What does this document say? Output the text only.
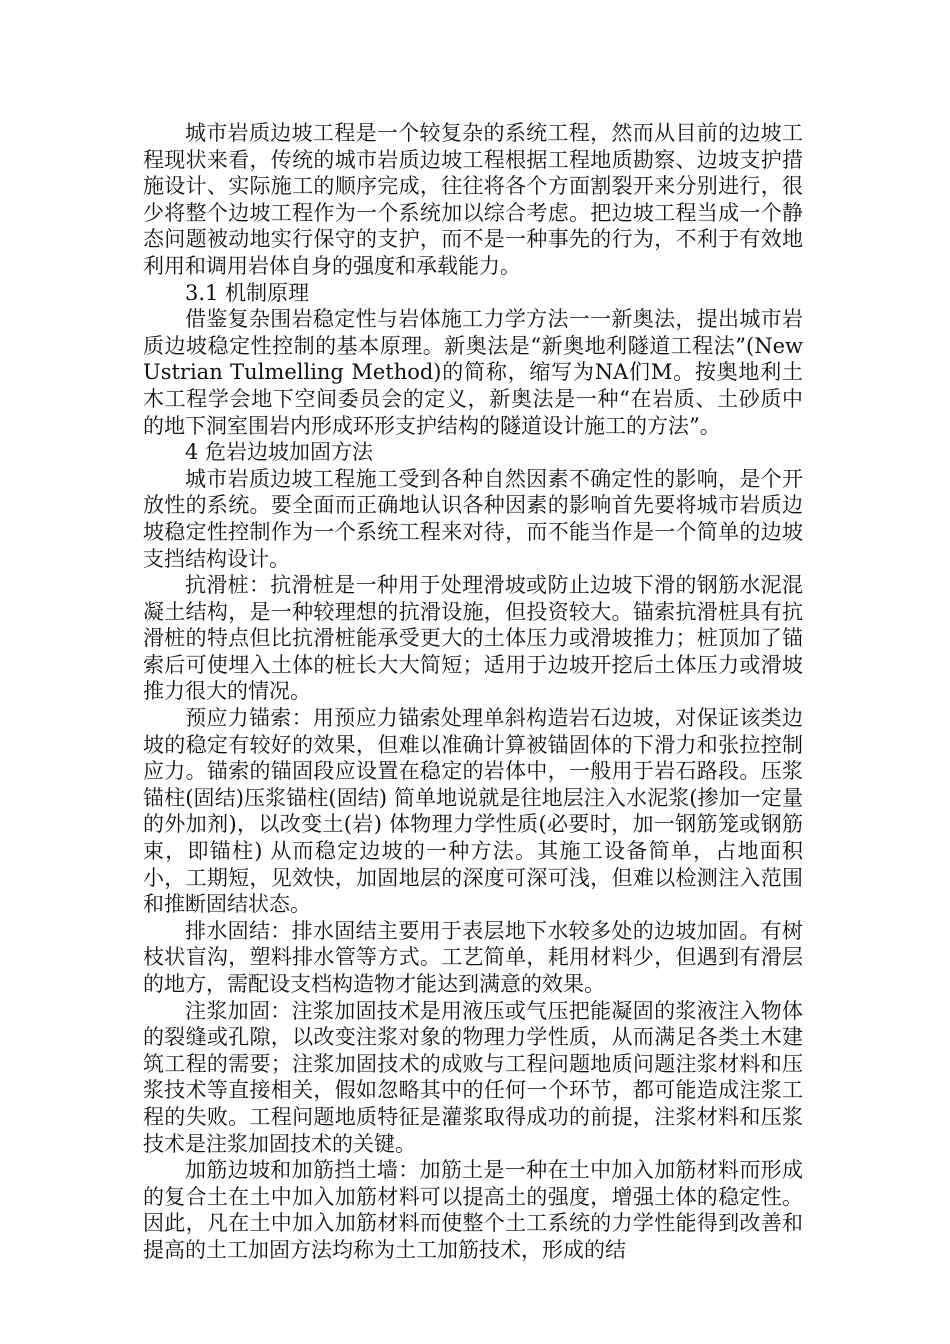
城市岩质边坡工程是一个较复杂的系统工程，然而从目前的边坡工程现状来看，传统的城市岩质边坡工程根据工程地质勘察、边坡支护措施设计、实际施工的顺序完成，往往将各个方面割裂开来分别进行，很少将整个边坡工程作为一个系统加以综合考虑。把边坡工程当成一个静态问题被动地实行保守的支护，而不是一种事先的行为，不利于有效地利用和调用岩体自身的强度和承载能力。

3.1 机制原理

借鉴复杂围岩稳定性与岩体施工力学方法一一新奥法，提出城市岩质边坡稳定性控制的基本原理。新奥法是“新奥地利隧道工程法”(New Ustrian Tulmelling Method)的简称，缩写为NA们M。按奥地利土木工程学会地下空间委员会的定义，新奥法是一种“在岩质、土砂质中的地下洞室围岩内形成环形支护结构的隧道设计施工的方法”。

4 危岩边坡加固方法

城市岩质边坡工程施工受到各种自然因素不确定性的影响，是个开放性的系统。要全面而正确地认识各种因素的影响首先要将城市岩质边坡稳定性控制作为一个系统工程来对待，而不能当作是一个简单的边坡支挡结构设计。

抗滑桩：抗滑桩是一种用于处理滑坡或防止边坡下滑的钢筋水泥混凝土结构，是一种较理想的抗滑设施，但投资较大。锚索抗滑桩具有抗滑桩的特点但比抗滑桩能承受更大的土体压力或滑坡推力；桩顶加了锚索后可使埋入土体的桩长大大简短；适用于边坡开挖后土体压力或滑坡推力很大的情况。

预应力锚索：用预应力锚索处理单斜构造岩石边坡，对保证该类边坡的稳定有较好的效果，但难以准确计算被锚固体的下滑力和张拉控制应力。锚索的锚固段应设置在稳定的岩体中，一般用于岩石路段。压浆锚柱(固结)压浆锚柱(固结) 简单地说就是往地层注入水泥浆(掺加一定量的外加剂)，以改变土(岩) 体物理力学性质(必要时，加一钢筋笼或钢筋束，即锚柱) 从而稳定边坡的一种方法。其施工设备简单，占地面积小，工期短，见效快，加固地层的深度可深可浅，但难以检测注入范围和推断固结状态。

排水固结：排水固结主要用于表层地下水较多处的边坡加固。有树枝状盲沟，塑料排水管等方式。工艺简单，耗用材料少，但遇到有滑层的地方，需配设支档构造物才能达到满意的效果。

注浆加固：注浆加固技术是用液压或气压把能凝固的浆液注入物体的裂缝或孔隙，以改变注浆对象的物理力学性质，从而满足各类土木建筑工程的需要；注浆加固技术的成败与工程问题地质问题注浆材料和压浆技术等直接相关，假如忽略其中的任何一个环节，都可能造成注浆工程的失败。工程问题地质特征是灌浆取得成功的前提，注浆材料和压浆技术是注浆加固技术的关键。

加筋边坡和加筋挡土墙：加筋土是一种在土中加入加筋材料而形成的复合土在土中加入加筋材料可以提高土的强度，增强土体的稳定性。因此，凡在土中加入加筋材料而使整个土工系统的力学性能得到改善和提高的土工加固方法均称为土工加筋技术，形成的结
